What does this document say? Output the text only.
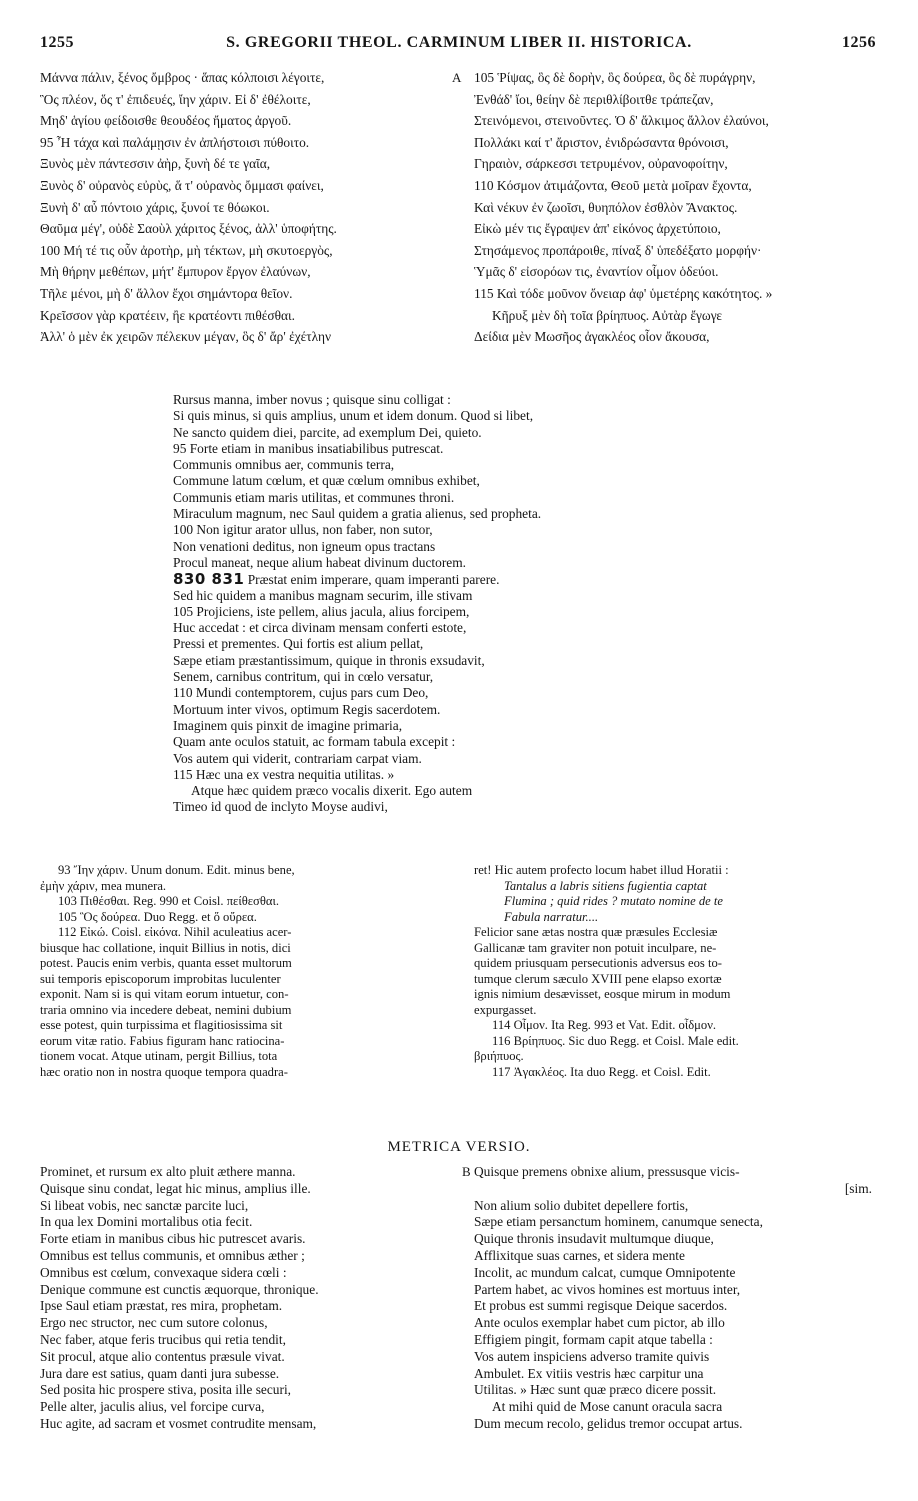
1255	S. GREGORII THEOL. CARMINUM LIBER II. HISTORICA.	1256
Μάννα πάλιν, ξένος ὄμβρος · ἅπας κόλποισι λέγοιτε,
Ὃς πλέον, ὅς τ' ἐπιδευές, ἴην χάριν. Εἰ δ' ἐθέλοιτε,
Μηδ' ἁγίου φείδοισθε θεουδέος ἤματος ἀργοῦ.
95 Ἦ τάχα καὶ παλάμῃσιν ἐν ἀπλήστοισι πύθοιτο.
Ξυνὸς μὲν πάντεσσιν ἀὴρ, ξυνὴ δέ τε γαῖα,
Ξυνὸς δ' οὐρανὸς εὐρὺς, ἅ τ' οὐρανὸς ὄμμασι φαίνει,
Ξυνὴ δ' αὖ πόντοιο χάρις, ξυνοί τε θόωκοι.
Θαῦμα μέγ', οὐδὲ Σαοὺλ χάριτος ξένος, ἀλλ' ὑποφήτης.
100 Μή τέ τις οὖν ἀροτὴρ, μὴ τέκτων, μὴ σκυτοεργὸς,
Μὴ θήρην μεθέπων, μήτ' ἔμπυρον ἔργον ἐλαύνων,
Τῆλε μένοι, μὴ δ' ἄλλον ἔχοι σημάντορα θεῖον.
Κρεῖσσον γὰρ κρατέειν, ἢε κρατέοντι πιθέσθαι.
Ἀλλ' ὁ μὲν ἐκ χειρῶν πέλεκυν μέγαν, ὃς δ' ἄρ' ἐχέτλην
A 105 Ῥίψας, ὃς δὲ δορὴν, ὃς δούρεα, ὃς δὲ πυράγρην,
Ἐνθάδ' ἴοι, θείην δὲ περιθλίβοιτθε τράπεζαν,
Στεινόμενοι, στεινοῦντες. Ὁ δ' ἄλκιμος ἄλλον ἐλαύνοι,
Πολλάκι καί τ' ἄριστον, ἐνιδρώσαντα θρόνοισι,
Γηραιὸν, σάρκεσσι τετρυμένον, οὐρανοφοίτην,
110 Κόσμον ἀτιμάζοντα, Θεοῦ μετὰ μοῖραν ἔχοντα,
Καὶ νέκυν ἐν ζωοῖσι, θυηπόλον ἐσθλὸν Ἄνακτος.
Εἰκὼ μέν τις ἔγραψεν ἀπ' εἰκόνος ἀρχετύποιο,
Στησάμενος προπάροιθε, πίναξ δ' ὑπεδέξατο μορφήν·
Ὑμᾶς δ' εἰσορόων τις, ἐναντίον οἶμον ὁδεύοι.
115 Καὶ τόδε μοῦνον ὄνειαρ ἀφ' ὑμετέρης κακότητος. »
Κῆρυξ μὲν δὴ τοῖα βρίηπυος. Αὐτὰρ ἔγωγε
Δείδια μὲν Μωσῆος ἀγακλέος οἷον ἄκουσα,
Rursus manna, imber novus ; quisque sinu colligat :
Si quis minus, si quis amplius, unum et idem donum. Quod si libet,
Ne sancto quidem diei, parcite, ad exemplum Dei, quieto.
95 Forte etiam in manibus insatiabilibus putrescat.
Communis omnibus aer, communis terra,
Commune latum cœlum, et quæ cœlum omnibus exhibet,
Communis etiam maris utilitas, et communes throni.
Miraculum magnum, nec Saul quidem a gratia alienus, sed propheta.
100 Non igitur arator ullus, non faber, non sutor,
Non venationi deditus, non igneum opus tractans
Procul maneat, neque alium habeat divinum ductorem.
830 831 Præstat enim imperare, quam imperanti parere.
Sed hic quidem a manibus magnam securim, ille stivam
105 Projiciens, iste pellem, alius jacula, alius forcipem,
Huc accedat : et circa divinam mensam conferti estote,
Pressi et prementes. Qui fortis est alium pellat,
Sæpe etiam præstantissimum, quique in thronis exsudavit,
Senem, carnibus contritum, qui in cœlo versatur,
110 Mundi contemptorem, cujus pars cum Deo,
Mortuum inter vivos, optimum Regis sacerdotem.
Imaginem quis pinxit de imagine primaria,
Quam ante oculos statuit, ac formam tabula excepit :
Vos autem qui viderit, contrariam carpat viam.
115 Hæc una ex vestra nequitia utilitas. »
Atque hæc quidem præco vocalis dixerit. Ego autem
Timeo id quod de inclyto Moyse audivi,
93 Ἴην χάριν. Unum donum. Edit. minus bene,
ἐμὴν χάριν, mea munera.
103 Πιθέσθαι. Reg. 990 et Coisl. πείθεσθαι.
105 Ὃς δούρεα. Duo Regg. et ὅ οὔρεα.
112 Εἰκώ. Coisl. εἰκόνα. Nihil aculeatius acer-
biusque hac collatione, inquit Billius in notis, dici
potest. Paucis enim verbis, quanta esset multorum
sui temporis episcoporum improbitas luculenter
exponit. Nam si is qui vitam eorum intuetur, con-
traria omnino via incedere debeat, nemini dubium
esse potest, quin turpissima et flagitiosissima sit
eorum vitæ ratio. Fabius figuram hanc ratiocina-
tionem vocat. Atque utinam, pergit Billius, tota
hæc oratio non in nostra quoque tempora quadra-
ret! Hic autem profecto locum habet illud Horatii :
Tantalus a labris sitiens fugientia captat
Flumina ; quid rides ? mutato nomine de te
Fabula narratur....
Felicior sane ætas nostra quæ præsules Ecclesiæ
Gallicanæ tam graviter non potuit inculpare, ne-
quidem priusquam persecutionis adversus eos to-
tumque clerum sæculo XVIII pene elapso exortæ
ignis nimium desævisset, eosque mirum in modum
expurgasset.
114 Οἶμον. Ita Reg. 993 et Vat. Edit. οἶδμον.
116 Βρίηπυος. Sic duo Regg. et Coisl. Male edit.
βριήπυος.
117 Ἀγακλέος. Ita duo Regg. et Coisl. Edit.
METRICA VERSIO.
Prominet, et rursum ex alto pluit æthere manna.
Quisque sinu condat, legat hic minus, amplius ille.
Si libeat vobis, nec sanctæ parcite luci,
In qua lex Domini mortalibus otia fecit.
Forte etiam in manibus cibus hic putrescet avaris.
Omnibus est tellus communis, et omnibus æther ;
Omnibus est cœlum, convexaque sidera cœli :
Denique commune est cunctis æquorque, thronique.
Ipse Saul etiam præstat, res mira, prophetam.
Ergo nec structor, nec cum sutore colonus,
Nec faber, atque feris trucibus qui retia tendit,
Sit procul, atque alio contentus præsule vivat.
Jura dare est satius, quam danti jura subesse.
Sed posita hic prospere stiva, posita ille securi,
Pelle alter, jaculis alius, vel forcipe curva,
Huc agite, ad sacram et vosmet contrudite mensam,
B Quisque premens obnixe alium, pressusque vicis-
[sim.
Non alium solio dubitet depellere fortis,
Sæpe etiam persanctum hominem, canumque senecta,
Quique thronis insudavit multumque diuque,
Afflixitque suas carnes, et sidera mente
Incolit, ac mundum calcat, cumque Omnipotente
Partem habet, ac vivos homines est mortuus inter,
Et probus est summi regisque Deique sacerdos.
Ante oculos exemplar habet cum pictor, ab illo
Effigiem pingit, formam capit atque tabella :
Vos autem inspiciens adverso tramite quivis
Ambulet. Ex vitiis vestris hæc carpitur una
Utilitas. » Hæc sunt quæ præco dicere possit.
At mihi quid de Mose canunt oracula sacra
Dum mecum recolo, gelidus tremor occupat artus.
